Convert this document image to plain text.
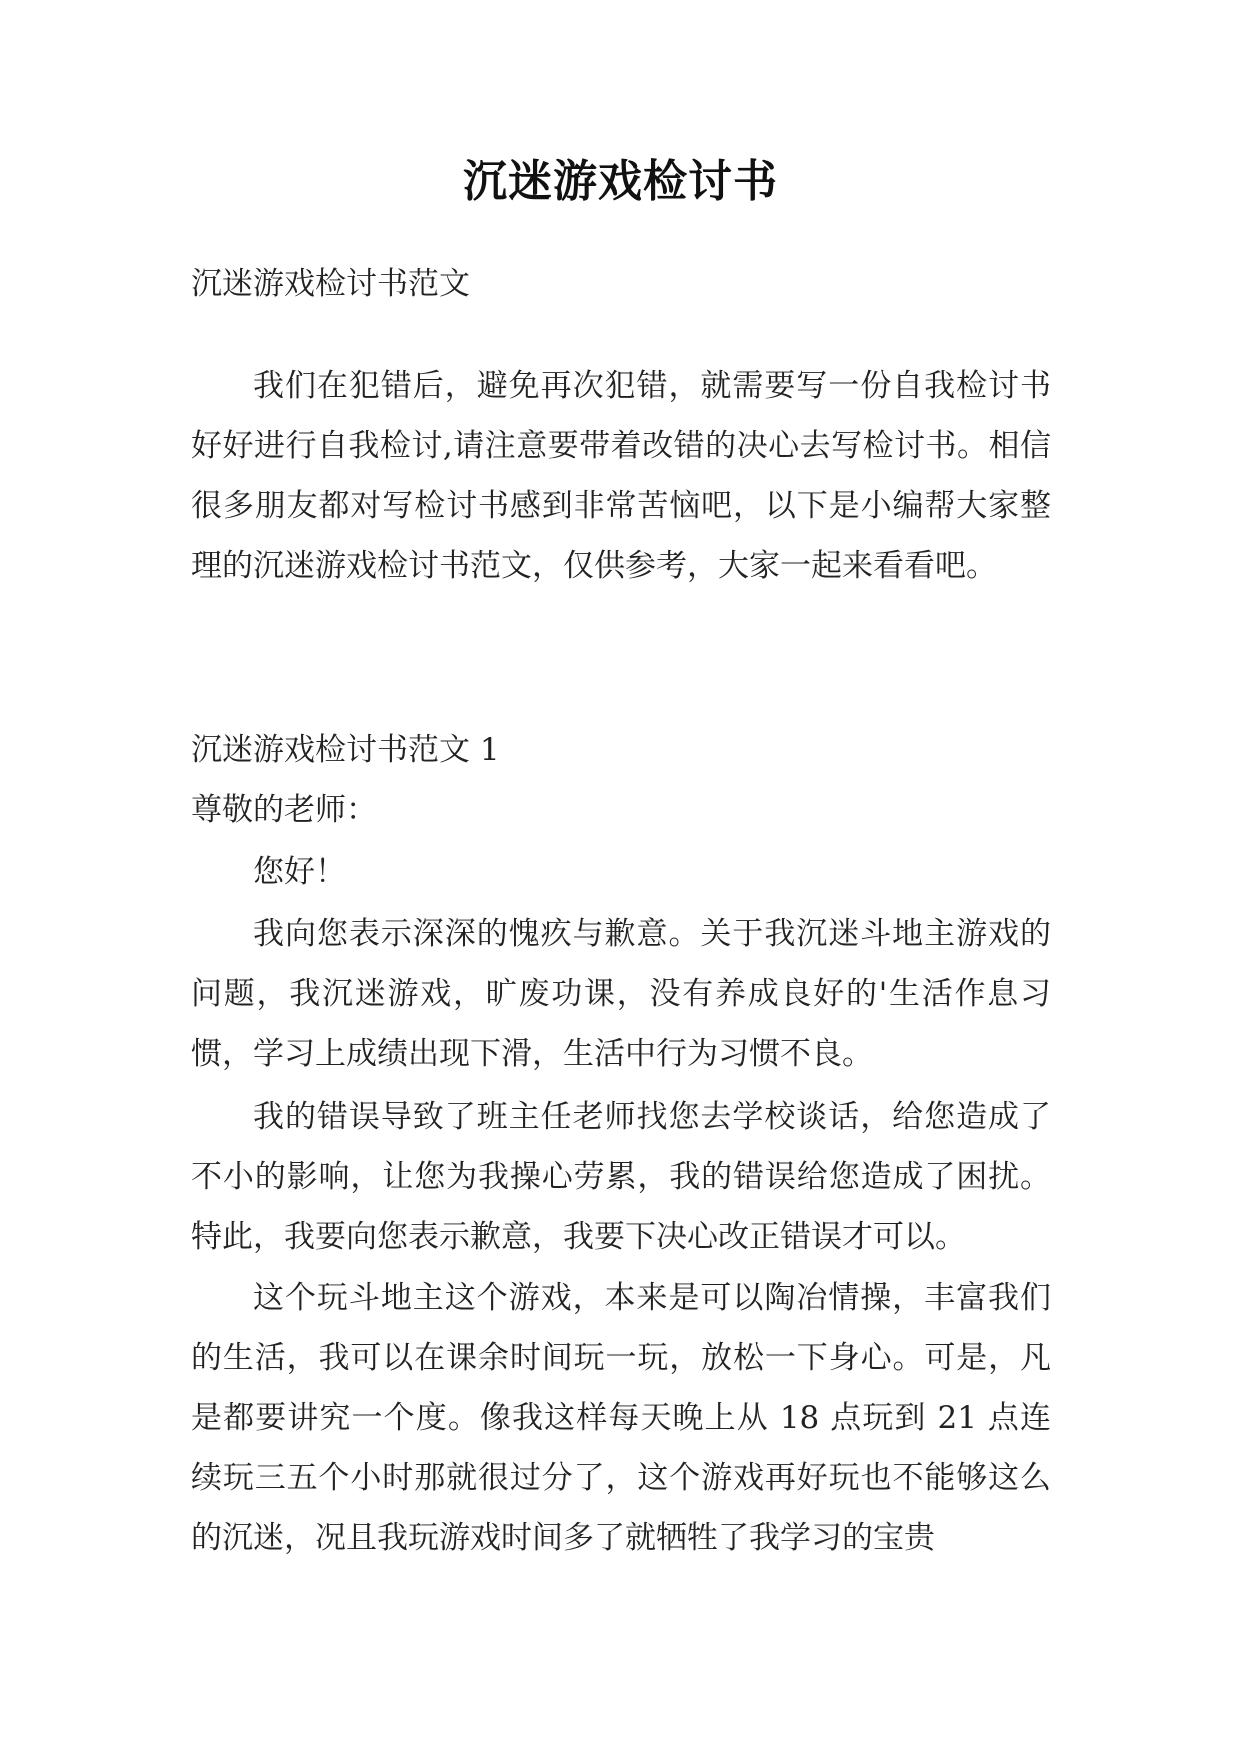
沉迷游戏检讨书
沉迷游戏检讨书范文

我们在犯错后，避免再次犯错，就需要写一份自我检讨书好好进行自我检讨,请注意要带着改错的决心去写检讨书。相信很多朋友都对写检讨书感到非常苦恼吧，以下是小编帮大家整理的沉迷游戏检讨书范文，仅供参考，大家一起来看看吧。

沉迷游戏检讨书范文 1
尊敬的老师：
您好！

我向您表示深深的愧疚与歉意。关于我沉迷斗地主游戏的问题，我沉迷游戏，旷废功课，没有养成良好的'生活作息习惯，学习上成绩出现下滑，生活中行为习惯不良。

我的错误导致了班主任老师找您去学校谈话，给您造成了不小的影响，让您为我操心劳累，我的错误给您造成了困扰。特此，我要向您表示歉意，我要下决心改正错误才可以。

这个玩斗地主这个游戏，本来是可以陶冶情操，丰富我们的生活，我可以在课余时间玩一玩，放松一下身心。可是，凡是都要讲究一个度。像我这样每天晚上从 18 点玩到 21 点连续玩三五个小时那就很过分了，这个游戏再好玩也不能够这么的沉迷，况且我玩游戏时间多了就牺牲了我学习的宝贵
